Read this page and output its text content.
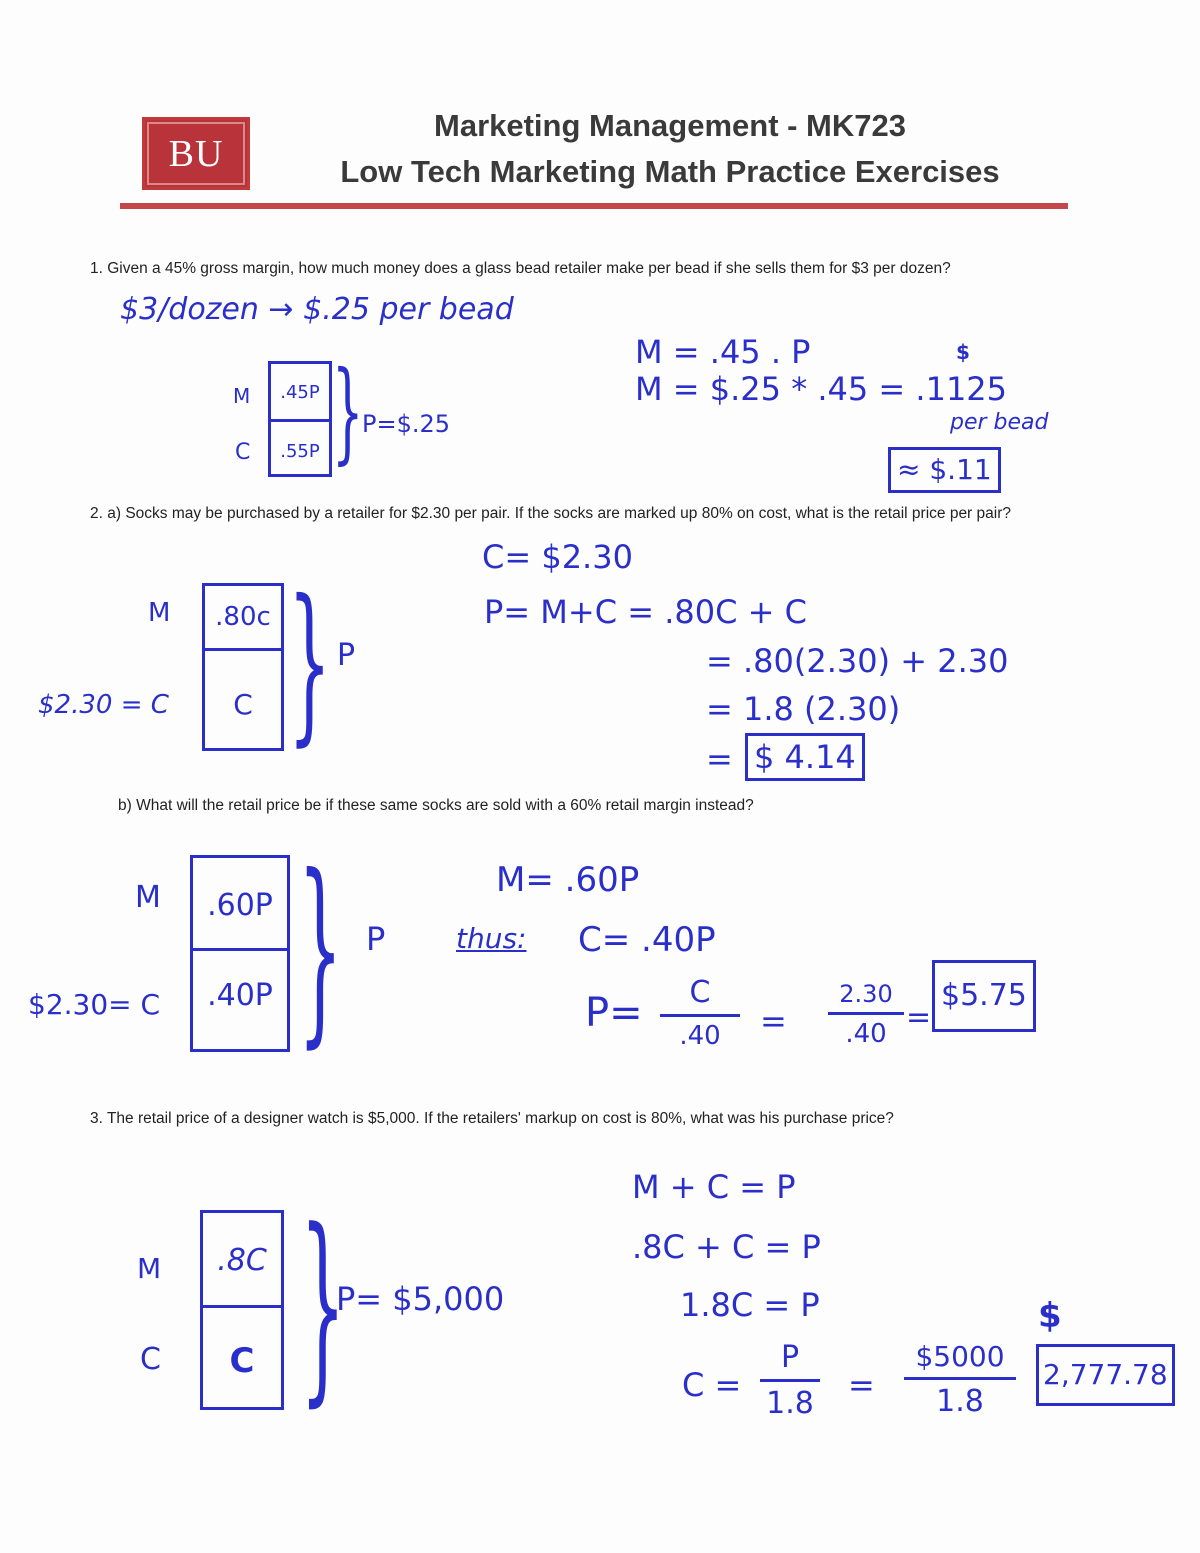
BU
Marketing Management - MK723
Low Tech Marketing Math Practice Exercises
1. Given a 45% gross margin, how much money does a glass bead retailer make per bead if she sells them for $3 per dozen?
$3/dozen → $.25 per bead
M
C
.45P
.55P }
P=$.25
M = .45 . P
M = $.25 * .45 = .1125
$
per bead
≈ $.11
2. a) Socks may be purchased by a retailer for $2.30 per pair. If the socks are marked up 80% on cost, what is the retail price per pair?
C= $2.30
M
$2.30 = C
.80c
C } P
P= M+C = .80C + C
= .80(2.30) + 2.30
= 1.8 (2.30)
= $ 4.14
b) What will the retail price be if these same socks are sold with a 60% retail margin instead?
M
$2.30= C
.60P
.40P } P
M= .60P
thus: C= .40P
P=	C
.40	=
2.30
.40 =
$5.75
3. The retail price of a designer watch is $5,000. If the retailers' markup on cost is 80%, what was his purchase price?
M
C
.8C
C }
P= $5,000
M + C = P
.8C + C = P
1.8C = P
C =
P
1.8 =
$5000
1.8
$
2,777.78
